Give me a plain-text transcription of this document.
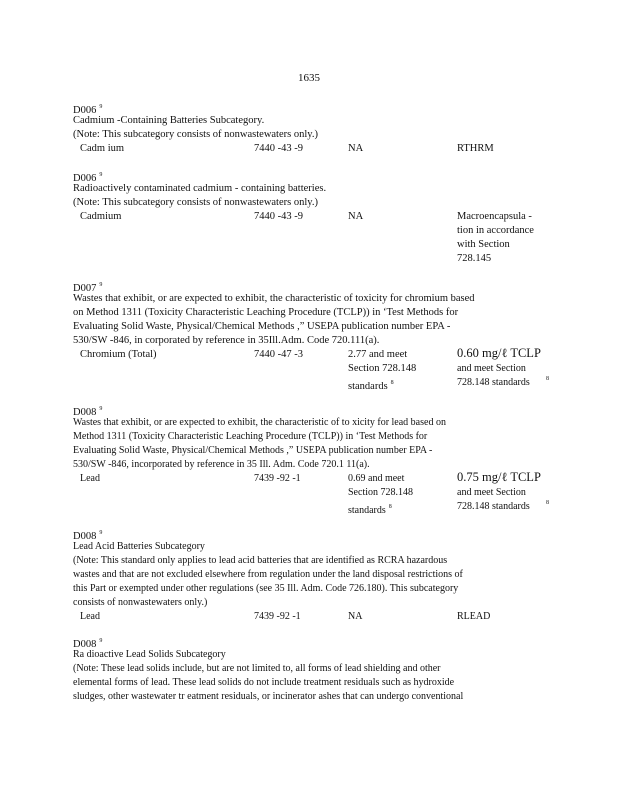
1635
D006 $^9$
Cadmium -Containing Batteries Subcategory.
(Note: This subcategory consists of nonwastewaters only.)
Cadm ium	7440 -43 -9	NA	RTHRM
D006 $^9$
Radioactively contaminated cadmium - containing batteries.
(Note: This subcategory consists of nonwastewaters only.)
Cadmium	7440 -43 -9	NA	Macroencapsula -
tion in accordance
with Section
728.145
D007 $^9$
Wastes that exhibit, or are expected to exhibit, the characteristic of toxicity for chromium based
on Method 1311 (Toxicity Characteristic Leaching Procedure (TCLP)) in ‘Test Methods for
Evaluating Solid Waste, Physical/Chemical Methods ,” USEPA publication number EPA -
530/SW -846, in corporated by reference in 35Ill.Adm. Code 720.111(a).
Chromium (Total)	7440 -47 -3	2.77 and meet
Section 728.148
standards $^8$
0.60 mg/ℓ TCLP
and meet Section
728.148 standards	$^8$
D008 $^9$
Wastes that exhibit, or are expected to exhibit, the characteristic of to xicity for lead based on
Method 1311 (Toxicity Characteristic Leaching Procedure (TCLP)) in ‘Test Methods for
Evaluating Solid Waste, Physical/Chemical Methods ,” USEPA publication number EPA -
530/SW -846, incorporated by reference in 35 Ill. Adm. Code 720.1 11(a).
Lead	7439 -92 -1	0.69 and meet
Section 728.148
standards $^8$
0.75 mg/ℓ TCLP
and meet Section
728.148 standards	$^8$
D008 $^9$
Lead Acid Batteries Subcategory
(Note: This standard only applies to lead acid batteries that are identified as RCRA hazardous
wastes and that are not excluded elsewhere from regulation under the land disposal restrictions of
this Part or exempted under other regulations (see 35 Ill. Adm. Code 726.180). This subcategory
consists of nonwastewaters only.)
Lead	7439 -92 -1	NA	RLEAD
D008 $^9$
Ra dioactive Lead Solids Subcategory
(Note: These lead solids include, but are not limited to, all forms of lead shielding and other
elemental forms of lead. These lead solids do not include treatment residuals such as hydroxide
sludges, other wastewater tr eatment residuals, or incinerator ashes that can undergo conventional
